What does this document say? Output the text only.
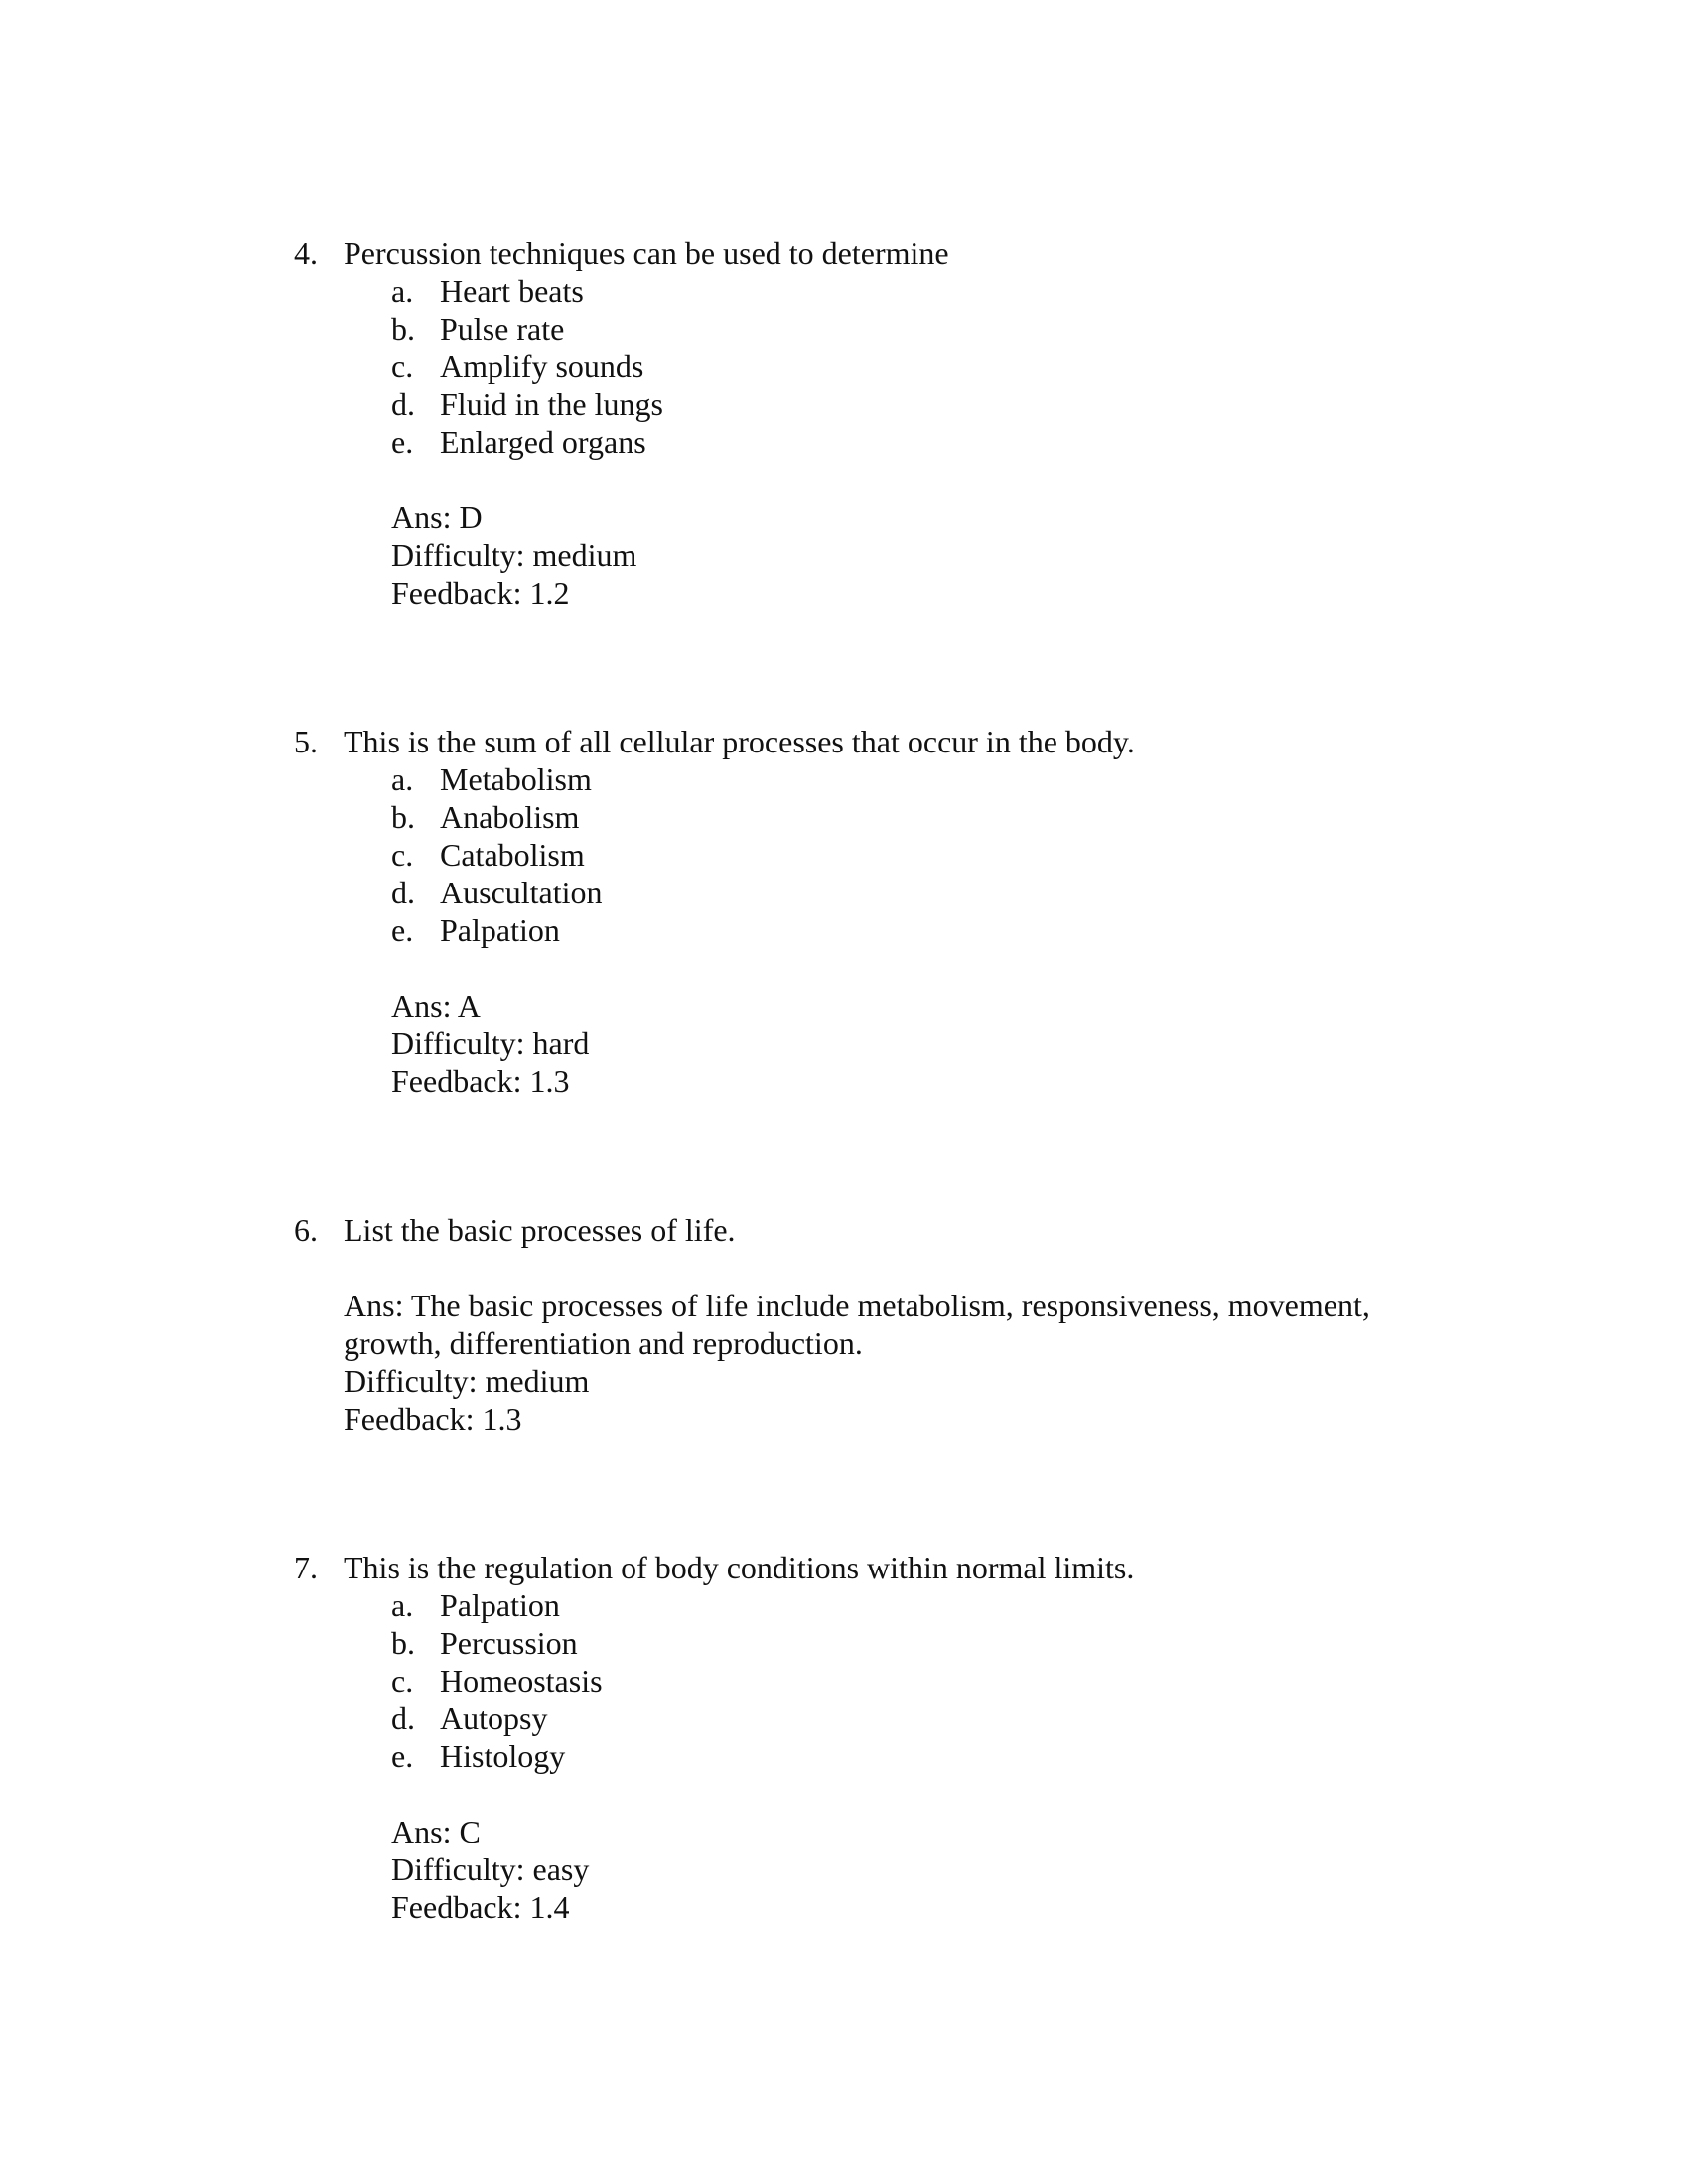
4. Percussion techniques can be used to determine
a. Heart beats
b. Pulse rate
c. Amplify sounds
d. Fluid in the lungs
e. Enlarged organs
Ans: D
Difficulty: medium
Feedback: 1.2
5. This is the sum of all cellular processes that occur in the body.
a. Metabolism
b. Anabolism
c. Catabolism
d. Auscultation
e. Palpation
Ans: A
Difficulty: hard
Feedback: 1.3
6. List the basic processes of life.
Ans: The basic processes of life include metabolism, responsiveness, movement, growth, differentiation and reproduction.
Difficulty: medium
Feedback: 1.3
7. This is the regulation of body conditions within normal limits.
a. Palpation
b. Percussion
c. Homeostasis
d. Autopsy
e. Histology
Ans: C
Difficulty: easy
Feedback: 1.4
